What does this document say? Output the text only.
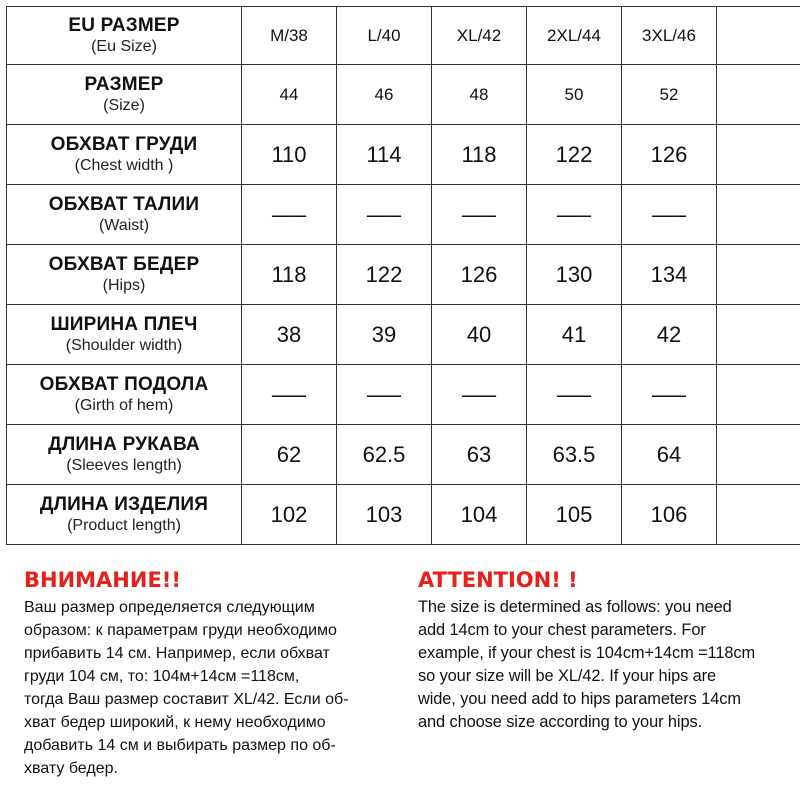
EU РАЗМЕР
(Eu Size)	M/38	L/40	XL/42	2XL/44	3XL/46	

РАЗМЕР
(Size)	44	46	48	50	52	

ОБХВАТ ГРУДИ
(Chest width )	110	114	118	122	126	

ОБХВАТ ТАЛИИ
(Waist)	—–	—–	—–	—–	—–	

ОБХВАТ БЕДЕР
(Hips)	118	122	126	130	134	

ШИРИНА ПЛЕЧ
(Shoulder width)	38	39	40	41	42	

ОБХВАТ ПОДОЛА
(Girth of hem)	—–	—–	—–	—–	—–	

ДЛИНА РУКАВА
(Sleeves length)	62	62.5	63	63.5	64	

ДЛИНА ИЗДЕЛИЯ
(Product length)	102	103	104	105	106	
ВНИМАНИЕ!!
Ваш размер определяется следующим
образом: к параметрам груди необходимо
прибавить 14 см. Например, если обхват
груди 104 см, то: 104м+14см =118см,
тогда Ваш размер составит XL/42. Если об-
хват бедер широкий, к нему необходимо
добавить 14 см и выбирать размер по об-
хвату бедер.
ATTENTION! !
The size is determined as follows: you need
add 14cm to your chest parameters. For
example, if your chest is 104cm+14cm =118cm
so your size will be XL/42. If your hips are
wide, you need add to hips parameters 14cm
and choose size according to your hips.
